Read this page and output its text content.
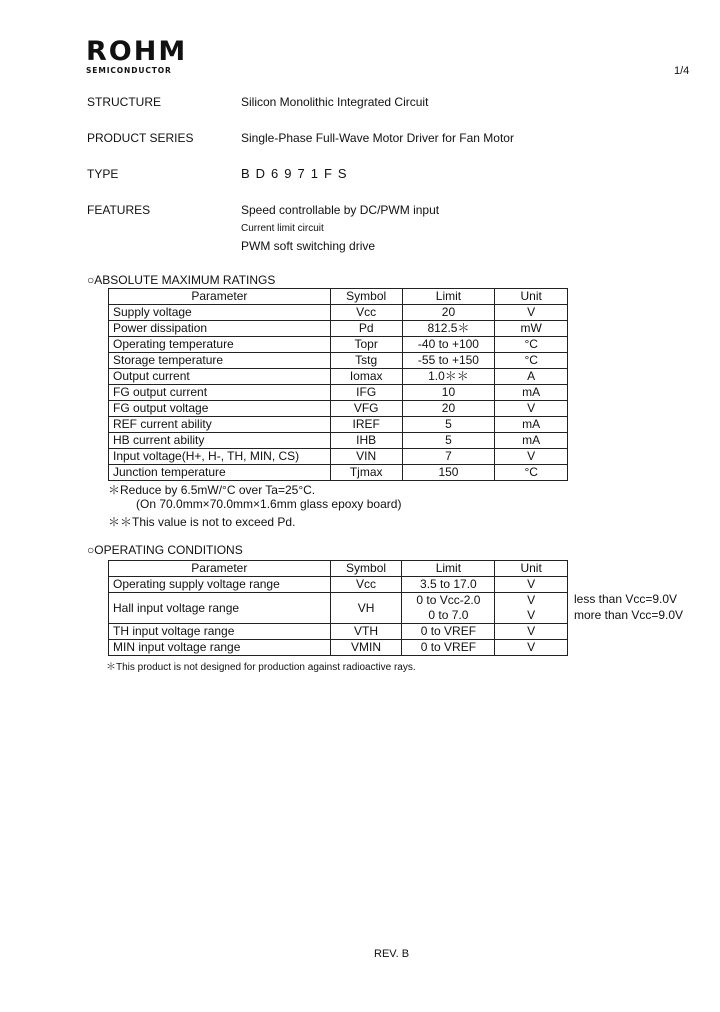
ROHM
SEMICONDUCTOR	1/4
STRUCTURE	Silicon Monolithic Integrated Circuit
PRODUCT SERIES	Single-Phase Full-Wave Motor Driver for Fan Motor
TYPE	BD6971FS
FEATURES	Speed controllable by DC/PWM input
Current limit circuit
PWM soft switching drive
○ABSOLUTE MAXIMUM RATINGS
Parameter	Symbol	Limit	Unit
Supply voltage	Vcc	20	V
Power dissipation	Pd	812.5＊	mW
Operating temperature	Topr	-40 to +100	°C
Storage temperature	Tstg	-55 to +150	°C
Output current	Iomax	1.0＊＊	A
FG output current	IFG	10	mA
FG output voltage	VFG	20	V
REF current ability	IREF	5	mA
HB current ability	IHB	5	mA
Input voltage(H+, H-, TH, MIN, CS)	VIN	7	V
Junction temperature	Tjmax	150	°C
＊Reduce by 6.5mW/°C over Ta=25°C.
(On 70.0mm×70.0mm×1.6mm glass epoxy board)
＊＊This value is not to exceed Pd.
○OPERATING CONDITIONS
Parameter	Symbol	Limit	Unit
Operating supply voltage range	Vcc	3.5 to 17.0	V
Hall input voltage range	VH	0 to Vcc-2.0	V
		0 to 7.0	V
TH input voltage range	VTH	0 to VREF	V
MIN input voltage range	VMIN	0 to VREF	V
less than Vcc=9.0V
more than Vcc=9.0V
＊This product is not designed for production against radioactive rays.
REV. B
